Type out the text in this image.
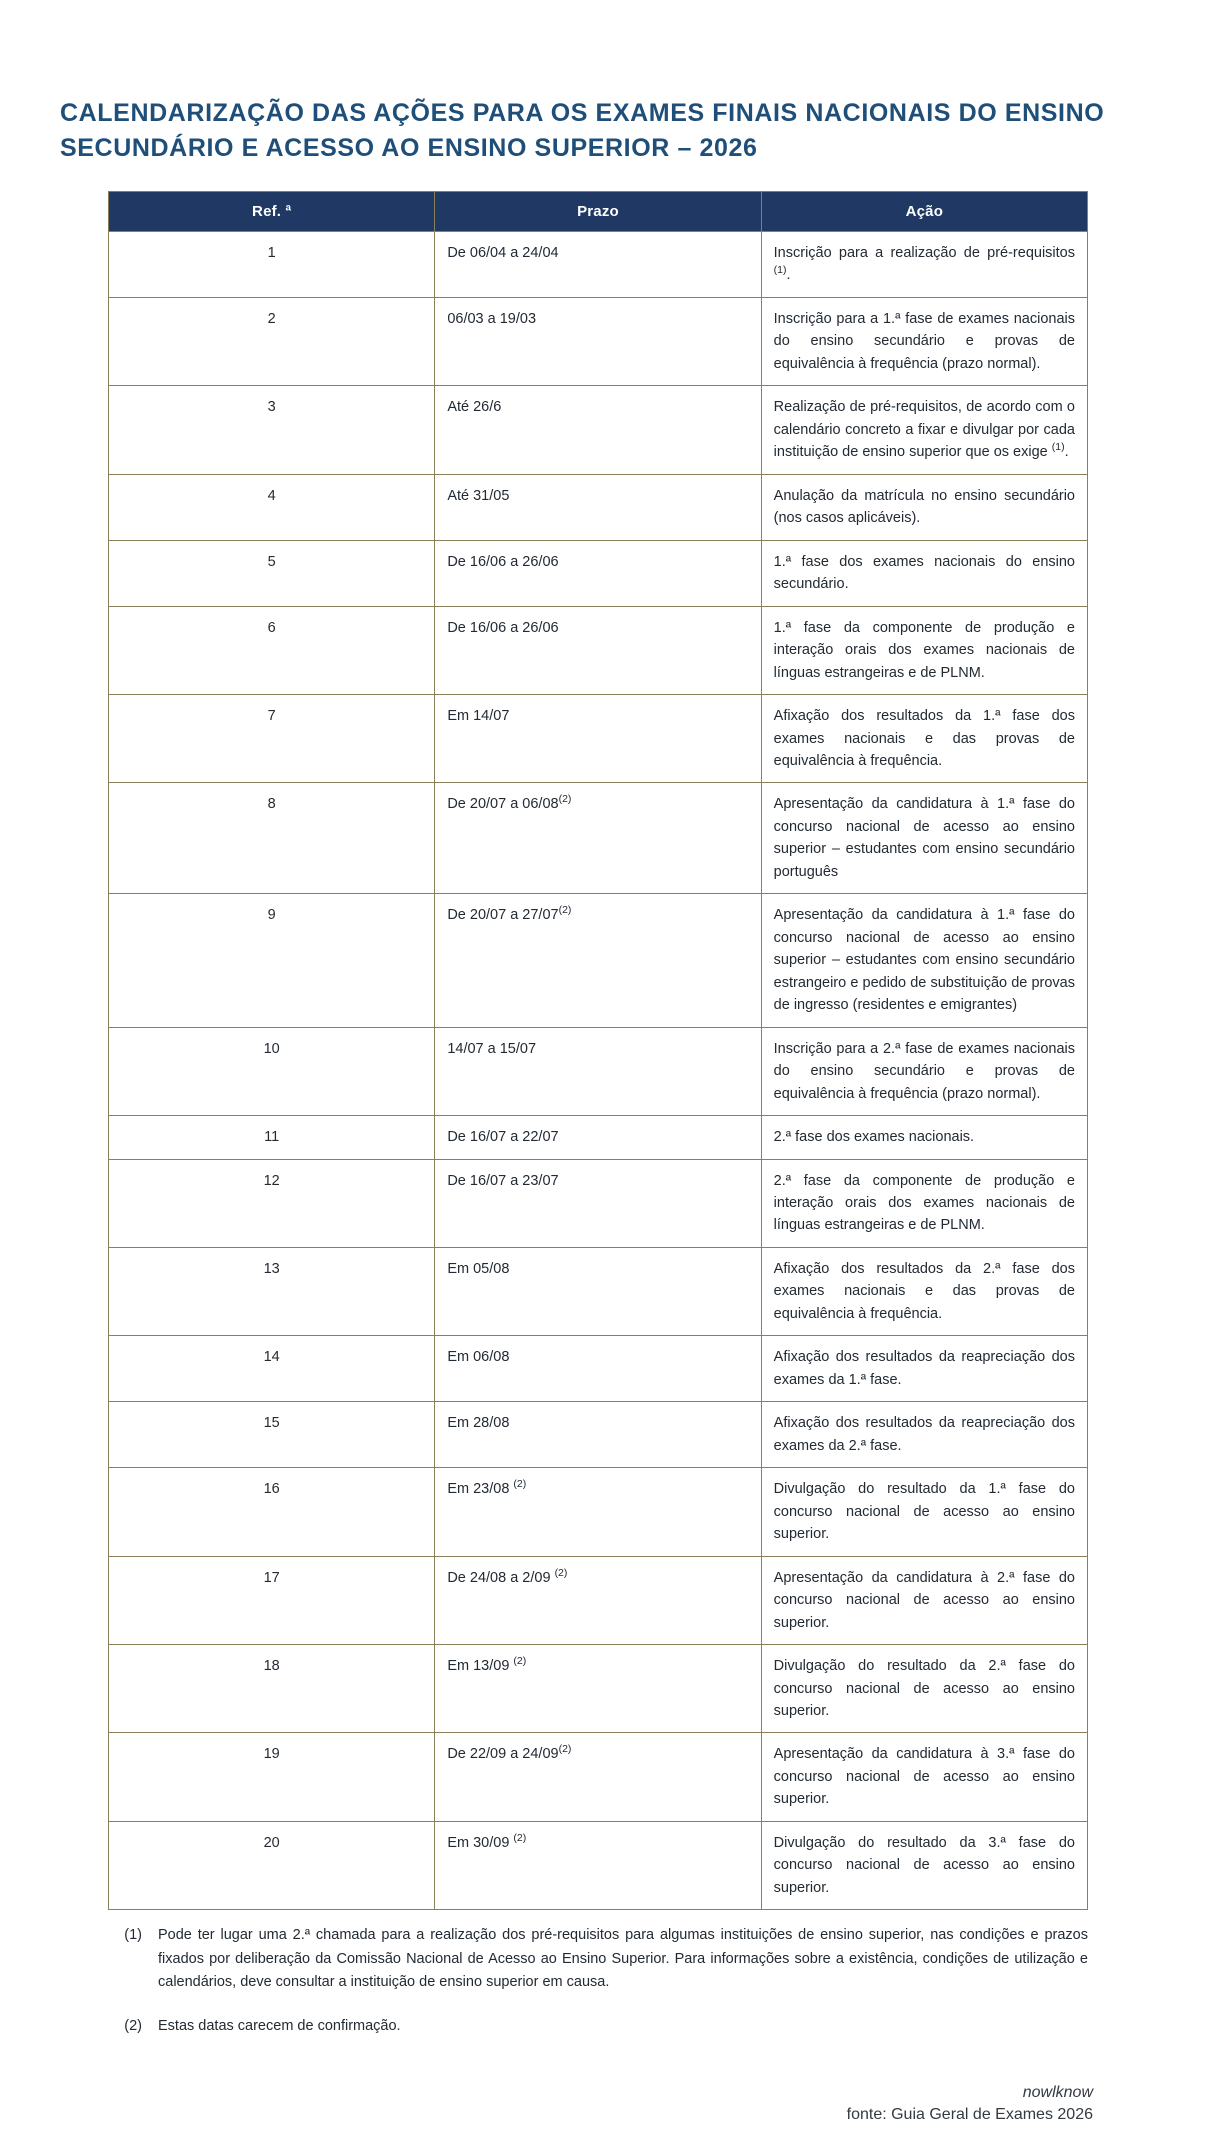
CALENDARIZAÇÃO DAS AÇÕES PARA OS EXAMES FINAIS NACIONAIS DO ENSINO SECUNDÁRIO E ACESSO AO ENSINO SUPERIOR – 2026
Ref. ª	Prazo	Ação
1	De 06/04 a 24/04	Inscrição para a realização de pré-requisitos $^{(1)}$.
2	06/03 a 19/03	Inscrição para a 1.ª fase de exames nacionais do ensino secundário e provas de equivalência à frequência (prazo normal).
3	Até 26/6	Realização de pré-requisitos, de acordo com o calendário concreto a fixar e divulgar por cada instituição de ensino superior que os exige $^{(1)}$.
4	Até 31/05	Anulação da matrícula no ensino secundário (nos casos aplicáveis).
5	De 16/06 a 26/06	1.ª fase dos exames nacionais do ensino secundário.
6	De 16/06 a 26/06	1.ª fase da componente de produção e interação orais dos exames nacionais de línguas estrangeiras e de PLNM.
7	Em 14/07	Afixação dos resultados da 1.ª fase dos exames nacionais e das provas de equivalência à frequência.
8	De 20/07 a 06/08$^{(2)}$	Apresentação da candidatura à 1.ª fase do concurso nacional de acesso ao ensino superior – estudantes com ensino secundário português
9	De 20/07 a 27/07$^{(2)}$	Apresentação da candidatura à 1.ª fase do concurso nacional de acesso ao ensino superior – estudantes com ensino secundário estrangeiro e pedido de substituição de provas de ingresso (residentes e emigrantes)
10	14/07 a 15/07	Inscrição para a 2.ª fase de exames nacionais do ensino secundário e provas de equivalência à frequência (prazo normal).
11	De 16/07 a 22/07	2.ª fase dos exames nacionais.
12	De 16/07 a 23/07	2.ª fase da componente de produção e interação orais dos exames nacionais de línguas estrangeiras e de PLNM.
13	Em 05/08	Afixação dos resultados da 2.ª fase dos exames nacionais e das provas de equivalência à frequência.
14	Em 06/08	Afixação dos resultados da reapreciação dos exames da 1.ª fase.
15	Em 28/08	Afixação dos resultados da reapreciação dos exames da 2.ª fase.
16	Em 23/08 $^{(2)}$	Divulgação do resultado da 1.ª fase do concurso nacional de acesso ao ensino superior.
17	De 24/08 a 2/09 $^{(2)}$	Apresentação da candidatura à 2.ª fase do concurso nacional de acesso ao ensino superior.
18	Em 13/09 $^{(2)}$	Divulgação do resultado da 2.ª fase do concurso nacional de acesso ao ensino superior.
19	De 22/09 a 24/09$^{(2)}$	Apresentação da candidatura à 3.ª fase do concurso nacional de acesso ao ensino superior.
20	Em 30/09 $^{(2)}$	Divulgação do resultado da 3.ª fase do concurso nacional de acesso ao ensino superior.
(1) Pode ter lugar uma 2.ª chamada para a realização dos pré-requisitos para algumas instituições de ensino superior, nas condições e prazos fixados por deliberação da Comissão Nacional de Acesso ao Ensino Superior. Para informações sobre a existência, condições de utilização e calendários, deve consultar a instituição de ensino superior em causa.
(2) Estas datas carecem de confirmação.
nowlknow
fonte: Guia Geral de Exames 2026
